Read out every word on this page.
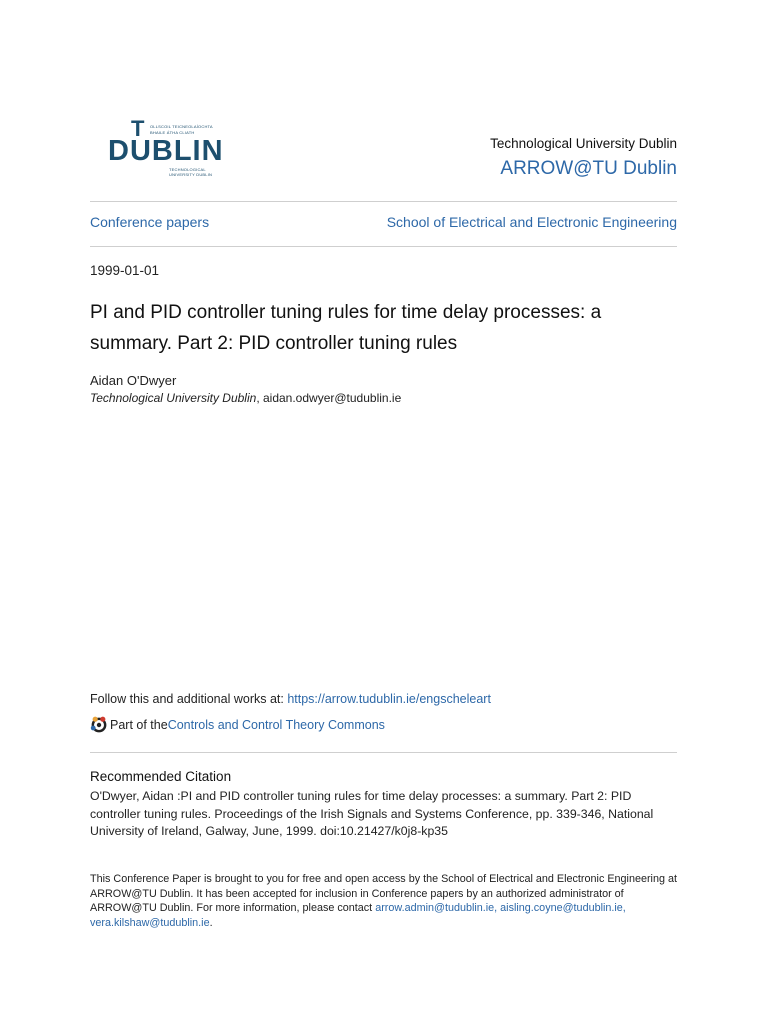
T OLLSCOIL TEICNEOLAÍOCHTA
BHAILE ÁTHA CLIATH
DUBLIN
TECHNOLOGICAL
UNIVERSITY DUBLIN
Technological University Dublin
ARROW@TU Dublin
Conference papers	School of Electrical and Electronic Engineering
1999-01-01
PI and PID controller tuning rules for time delay processes: a summary. Part 2: PID controller tuning rules
Aidan O'Dwyer
Technological University Dublin, aidan.odwyer@tudublin.ie
Follow this and additional works at: https://arrow.tudublin.ie/engscheleart
Part of the Controls and Control Theory Commons
Recommended Citation
O'Dwyer, Aidan :PI and PID controller tuning rules for time delay processes: a summary. Part 2: PID controller tuning rules. Proceedings of the Irish Signals and Systems Conference, pp. 339-346, National University of Ireland, Galway, June, 1999. doi:10.21427/k0j8-kp35
This Conference Paper is brought to you for free and open access by the School of Electrical and Electronic Engineering at ARROW@TU Dublin. It has been accepted for inclusion in Conference papers by an authorized administrator of ARROW@TU Dublin. For more information, please contact arrow.admin@tudublin.ie, aisling.coyne@tudublin.ie, vera.kilshaw@tudublin.ie.
